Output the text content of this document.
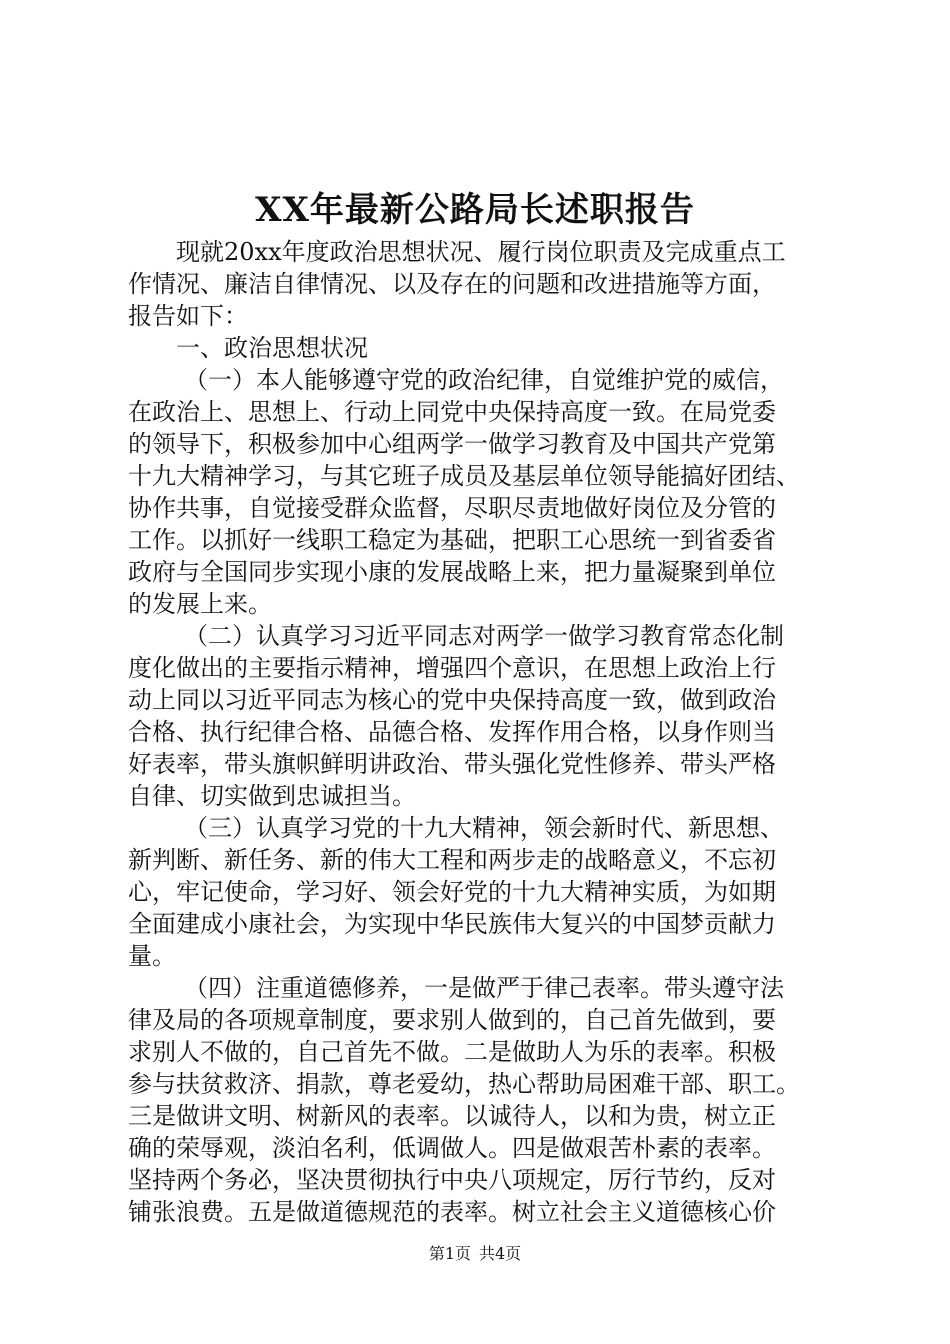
XX年最新公路局长述职报告
现就20xx年度政治思想状况、履行岗位职责及完成重点工
作情况、廉洁自律情况、以及存在的问题和改进措施等方面，
报告如下：
一、政治思想状况
（一）本人能够遵守党的政治纪律，自觉维护党的威信，
在政治上、思想上、行动上同党中央保持高度一致。在局党委
的领导下，积极参加中心组两学一做学习教育及中国共产党第
十九大精神学习，与其它班子成员及基层单位领导能搞好团结、
协作共事，自觉接受群众监督，尽职尽责地做好岗位及分管的
工作。以抓好一线职工稳定为基础，把职工心思统一到省委省
政府与全国同步实现小康的发展战略上来，把力量凝聚到单位
的发展上来。
（二）认真学习习近平同志对两学一做学习教育常态化制
度化做出的主要指示精神，增强四个意识，在思想上政治上行
动上同以习近平同志为核心的党中央保持高度一致，做到政治
合格、执行纪律合格、品德合格、发挥作用合格，以身作则当
好表率，带头旗帜鲜明讲政治、带头强化党性修养、带头严格
自律、切实做到忠诚担当。
（三）认真学习党的十九大精神，领会新时代、新思想、
新判断、新任务、新的伟大工程和两步走的战略意义，不忘初
心，牢记使命，学习好、领会好党的十九大精神实质，为如期
全面建成小康社会，为实现中华民族伟大复兴的中国梦贡献力
量。
（四）注重道德修养，一是做严于律己表率。带头遵守法
律及局的各项规章制度，要求别人做到的，自己首先做到，要
求别人不做的，自己首先不做。二是做助人为乐的表率。积极
参与扶贫救济、捐款，尊老爱幼，热心帮助局困难干部、职工。
三是做讲文明、树新风的表率。以诚待人，以和为贵，树立正
确的荣辱观，淡泊名利，低调做人。四是做艰苦朴素的表率。
坚持两个务必，坚决贯彻执行中央八项规定，厉行节约，反对
铺张浪费。五是做道德规范的表率。树立社会主义道德核心价
第1页 共4页
